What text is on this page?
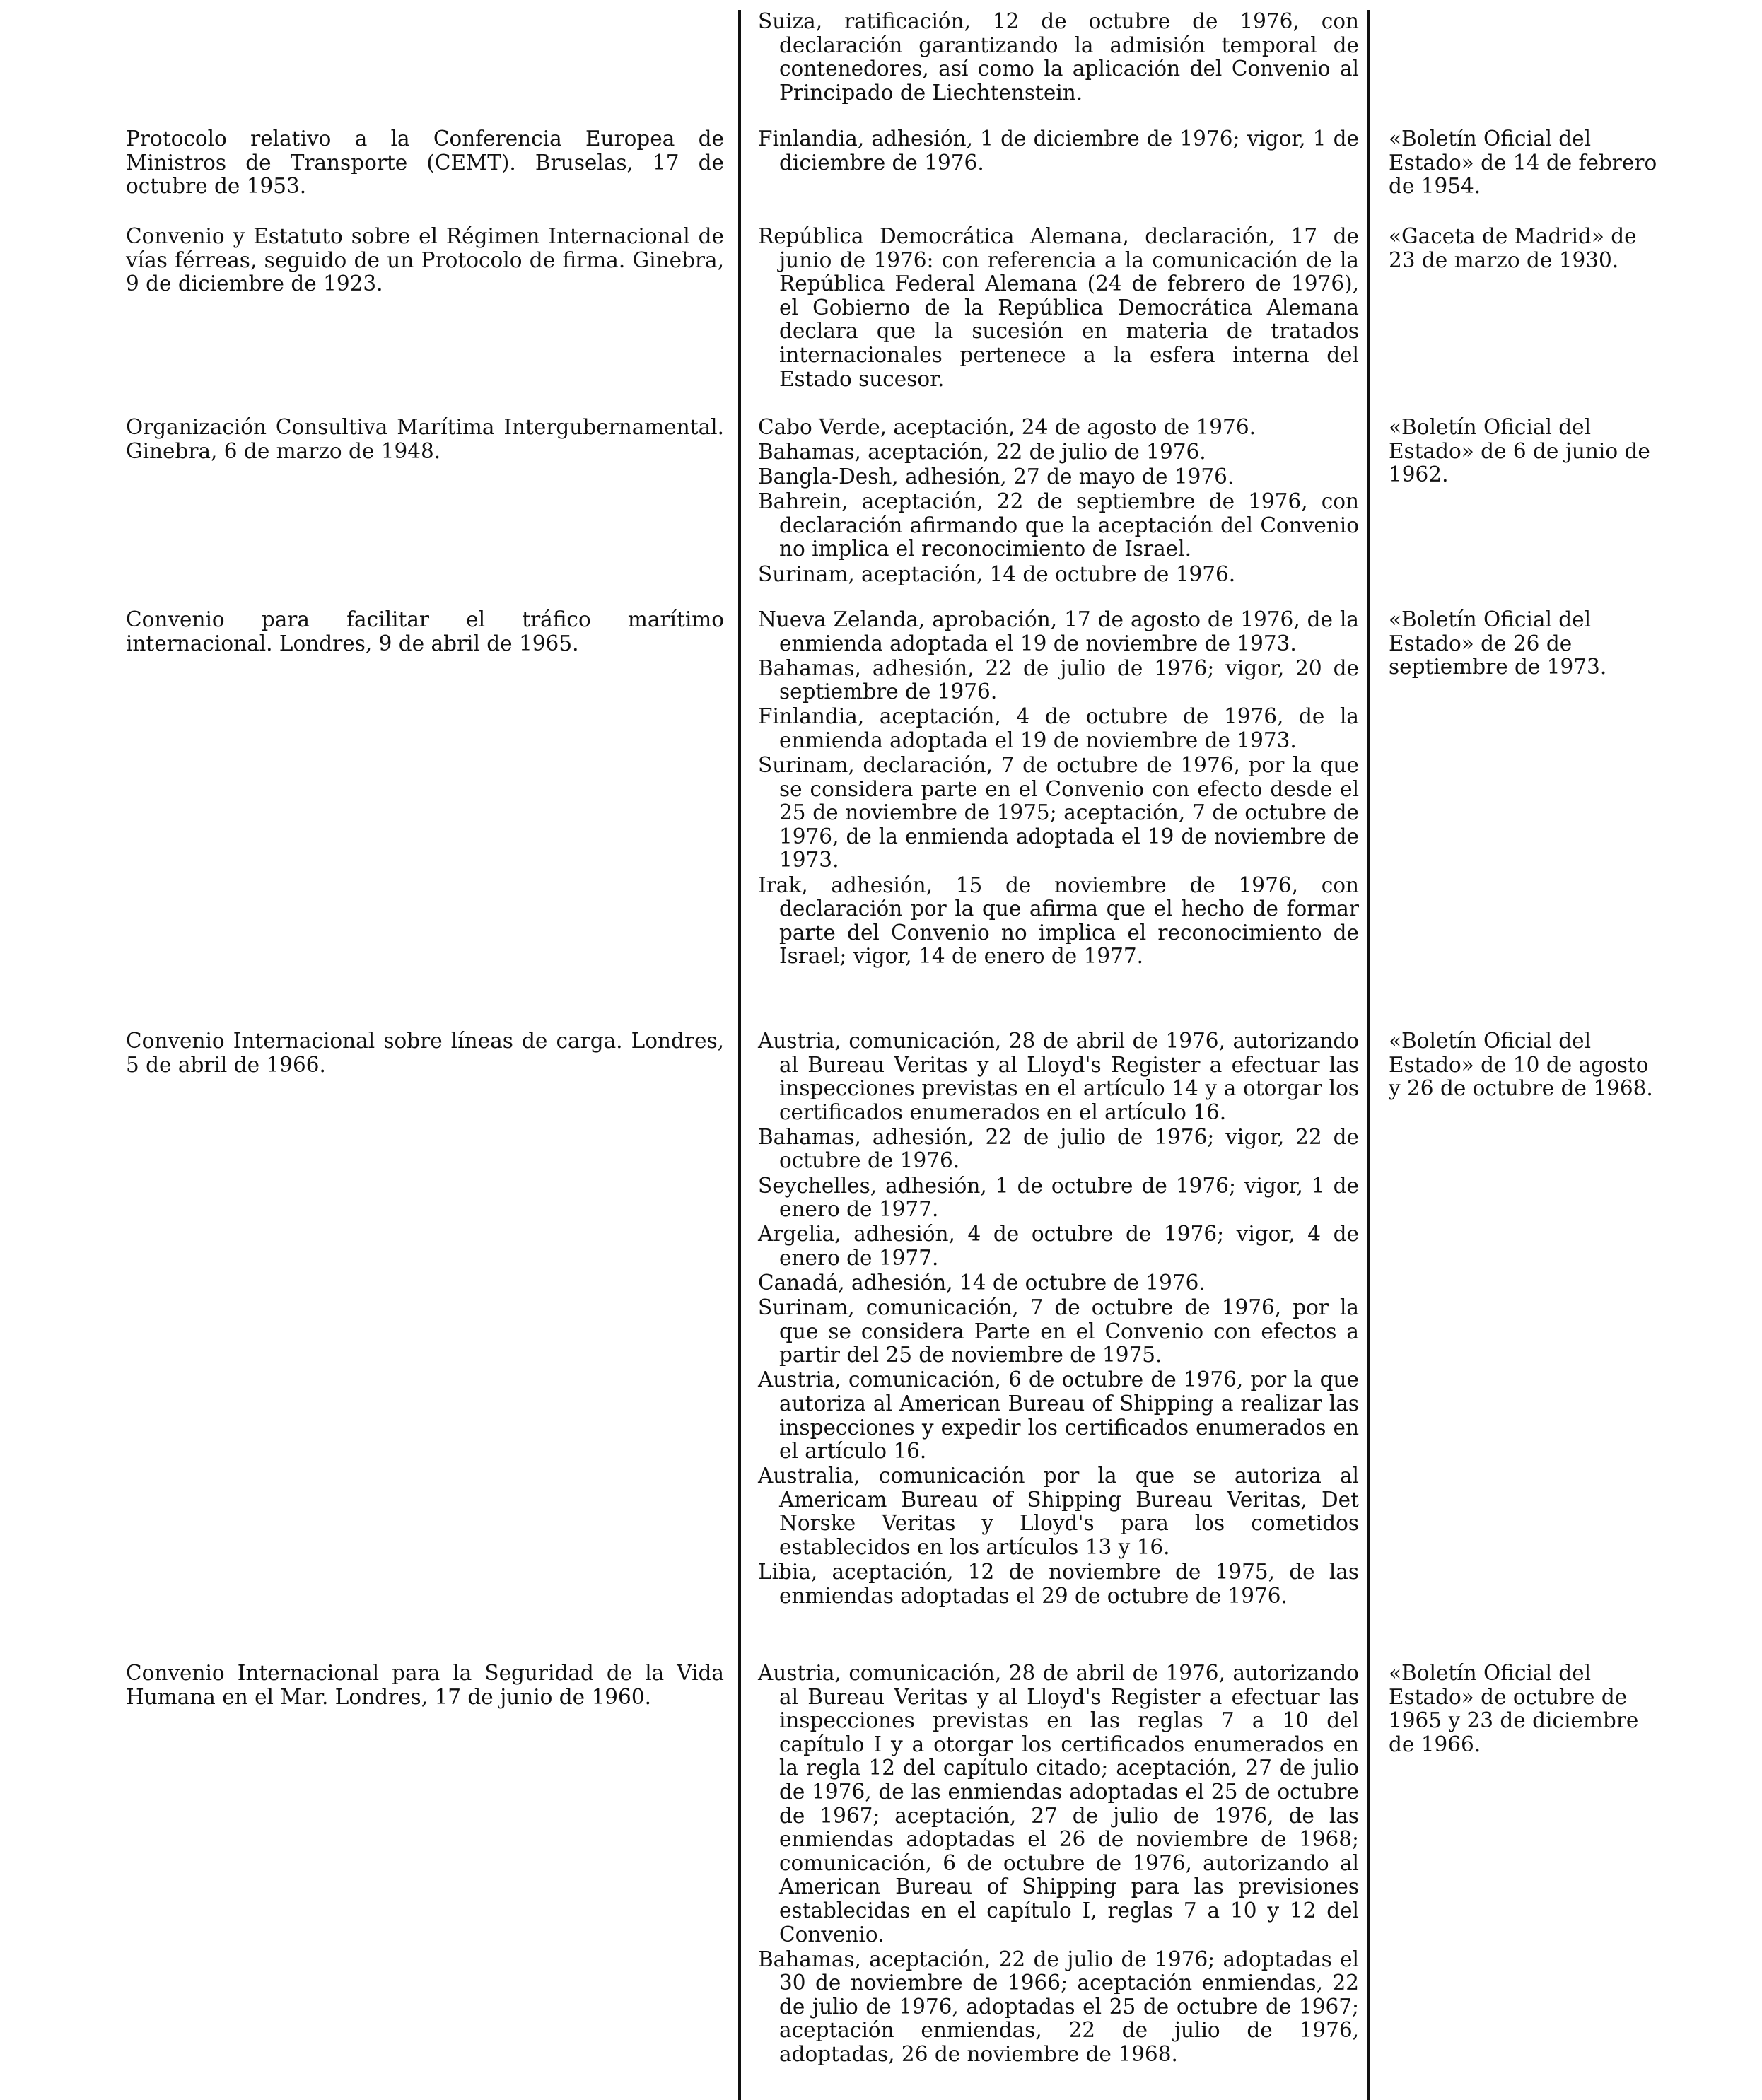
Suiza, ratificación, 12 de octubre de 1976, con declaración garantizando la admisión temporal de contenedores, así como la aplicación del Convenio al Principado de Liechtenstein.

Protocolo relativo a la Conferencia Europea de Ministros de Transporte (CEMT). Bruselas, 17 de octubre de 1953.

Finlandia, adhesión, 1 de diciembre de 1976; vigor, 1 de diciembre de 1976.

«Boletín Oficial del Estado» de 14 de febrero de 1954.

Convenio y Estatuto sobre el Régimen Internacional de vías férreas, seguido de un Protocolo de firma. Ginebra, 9 de diciembre de 1923.

República Democrática Alemana, declaración, 17 de junio de 1976: con referencia a la comunicación de la República Federal Alemana (24 de febrero de 1976), el Gobierno de la República Democrática Alemana declara que la sucesión en materia de tratados internacionales pertenece a la esfera interna del Estado sucesor.

«Gaceta de Madrid» de 23 de marzo de 1930.

Organización Consultiva Marítima Intergubernamental. Ginebra, 6 de marzo de 1948.

Cabo Verde, aceptación, 24 de agosto de 1976.

Bahamas, aceptación, 22 de julio de 1976.

Bangla-Desh, adhesión, 27 de mayo de 1976.

Bahrein, aceptación, 22 de septiembre de 1976, con declaración afirmando que la aceptación del Convenio no implica el reconocimiento de Israel.

Surinam, aceptación, 14 de octubre de 1976.

«Boletín Oficial del Estado» de 6 de junio de 1962.

Convenio para facilitar el tráfico marítimo internacional. Londres, 9 de abril de 1965.

Nueva Zelanda, aprobación, 17 de agosto de 1976, de la enmienda adoptada el 19 de noviembre de 1973.

Bahamas, adhesión, 22 de julio de 1976; vigor, 20 de septiembre de 1976.

Finlandia, aceptación, 4 de octubre de 1976, de la enmienda adoptada el 19 de noviembre de 1973.

Surinam, declaración, 7 de octubre de 1976, por la que se considera parte en el Convenio con efecto desde el 25 de noviembre de 1975; aceptación, 7 de octubre de 1976, de la enmienda adoptada el 19 de noviembre de 1973.

Irak, adhesión, 15 de noviembre de 1976, con declaración por la que afirma que el hecho de formar parte del Convenio no implica el reconocimiento de Israel; vigor, 14 de enero de 1977.

«Boletín Oficial del Estado» de 26 de septiembre de 1973.

Convenio Internacional sobre líneas de carga. Londres, 5 de abril de 1966.

Austria, comunicación, 28 de abril de 1976, autorizando al Bureau Veritas y al Lloyd's Register a efectuar las inspecciones previstas en el artículo 14 y a otorgar los certificados enumerados en el artículo 16.

Bahamas, adhesión, 22 de julio de 1976; vigor, 22 de octubre de 1976.

Seychelles, adhesión, 1 de octubre de 1976; vigor, 1 de enero de 1977.

Argelia, adhesión, 4 de octubre de 1976; vigor, 4 de enero de 1977.

Canadá, adhesión, 14 de octubre de 1976.

Surinam, comunicación, 7 de octubre de 1976, por la que se considera Parte en el Convenio con efectos a partir del 25 de noviembre de 1975.

Austria, comunicación, 6 de octubre de 1976, por la que autoriza al American Bureau of Shipping a realizar las inspecciones y expedir los certificados enumerados en el artículo 16.

Australia, comunicación por la que se autoriza al Americam Bureau of Shipping Bureau Veritas, Det Norske Veritas y Lloyd's para los cometidos establecidos en los artículos 13 y 16.

Libia, aceptación, 12 de noviembre de 1975, de las enmiendas adoptadas el 29 de octubre de 1976.

«Boletín Oficial del Estado» de 10 de agosto y 26 de octubre de 1968.

Convenio Internacional para la Seguridad de la Vida Humana en el Mar. Londres, 17 de junio de 1960.

Austria, comunicación, 28 de abril de 1976, autorizando al Bureau Veritas y al Lloyd's Register a efectuar las inspecciones previstas en las reglas 7 a 10 del capítulo I y a otorgar los certificados enumerados en la regla 12 del capítulo citado; aceptación, 27 de julio de 1976, de las enmiendas adoptadas el 25 de octubre de 1967; aceptación, 27 de julio de 1976, de las enmiendas adoptadas el 26 de noviembre de 1968; comunicación, 6 de octubre de 1976, autorizando al American Bureau of Shipping para las previsiones establecidas en el capítulo I, reglas 7 a 10 y 12 del Convenio.

Bahamas, aceptación, 22 de julio de 1976; adoptadas el 30 de noviembre de 1966; aceptación enmiendas, 22 de julio de 1976, adoptadas el 25 de octubre de 1967; aceptación enmiendas, 22 de julio de 1976, adoptadas, 26 de noviembre de 1968.

«Boletín Oficial del Estado» de octubre de 1965 y 23 de diciembre de 1966.
